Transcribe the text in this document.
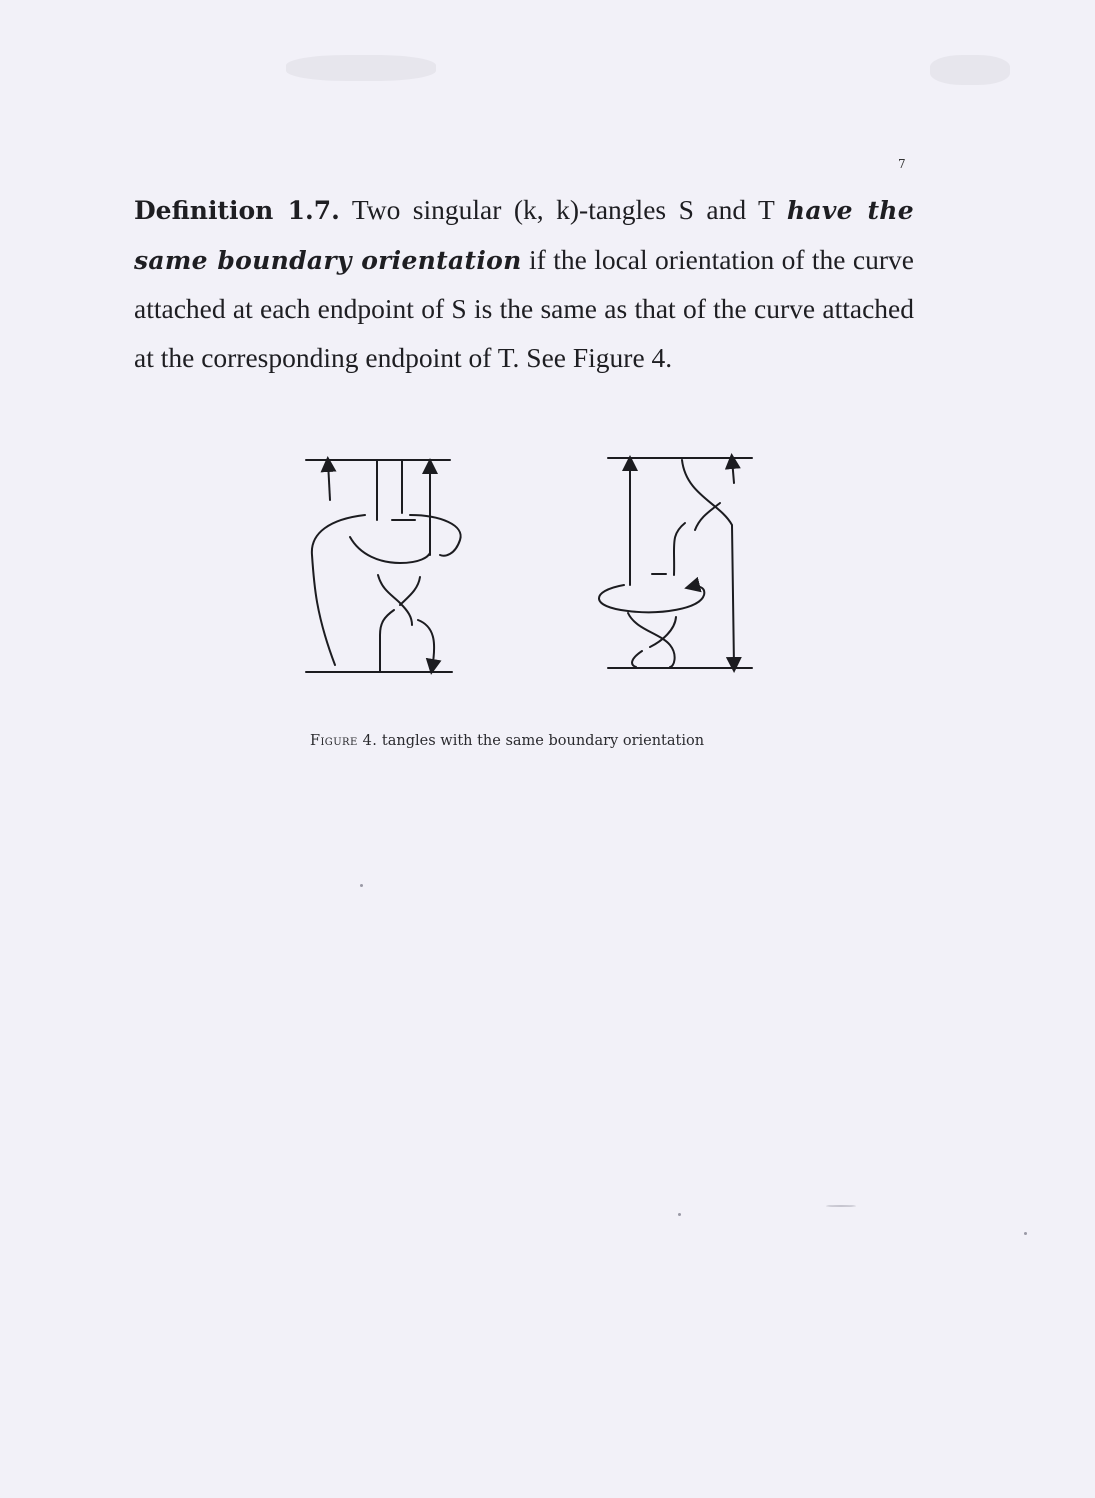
7

Definition 1.7. Two singular (k, k)-tangles S and T have the same boundary orientation if the local orientation of the curve attached at each endpoint of S is the same as that of the curve attached at the corresponding endpoint of T. See Figure 4.

Figure 4. tangles with the same boundary orientation
